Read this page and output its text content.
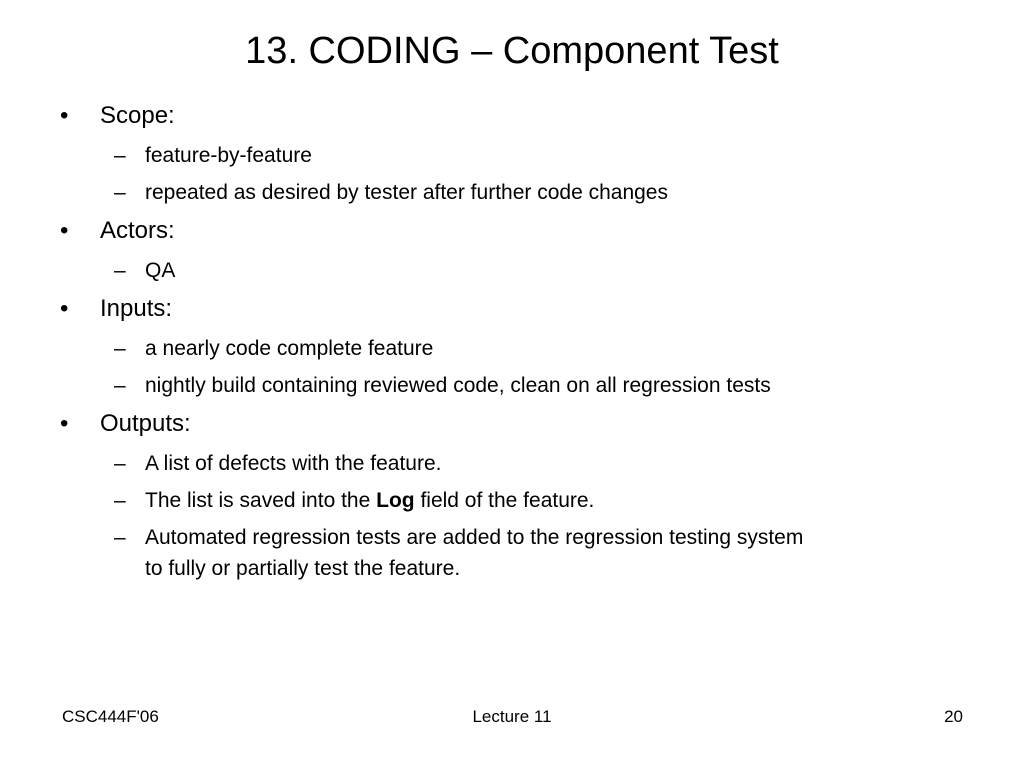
13. CODING – Component Test
• Scope:
– feature-by-feature
– repeated as desired by tester after further code changes
• Actors:
– QA
• Inputs:
– a nearly code complete feature
– nightly build containing reviewed code, clean on all regression tests
• Outputs:
– A list of defects with the feature.
– The list is saved into the Log field of the feature.
– Automated regression tests are added to the regression testing system
to fully or partially test the feature.
CSC444F'06	Lecture 11	20
